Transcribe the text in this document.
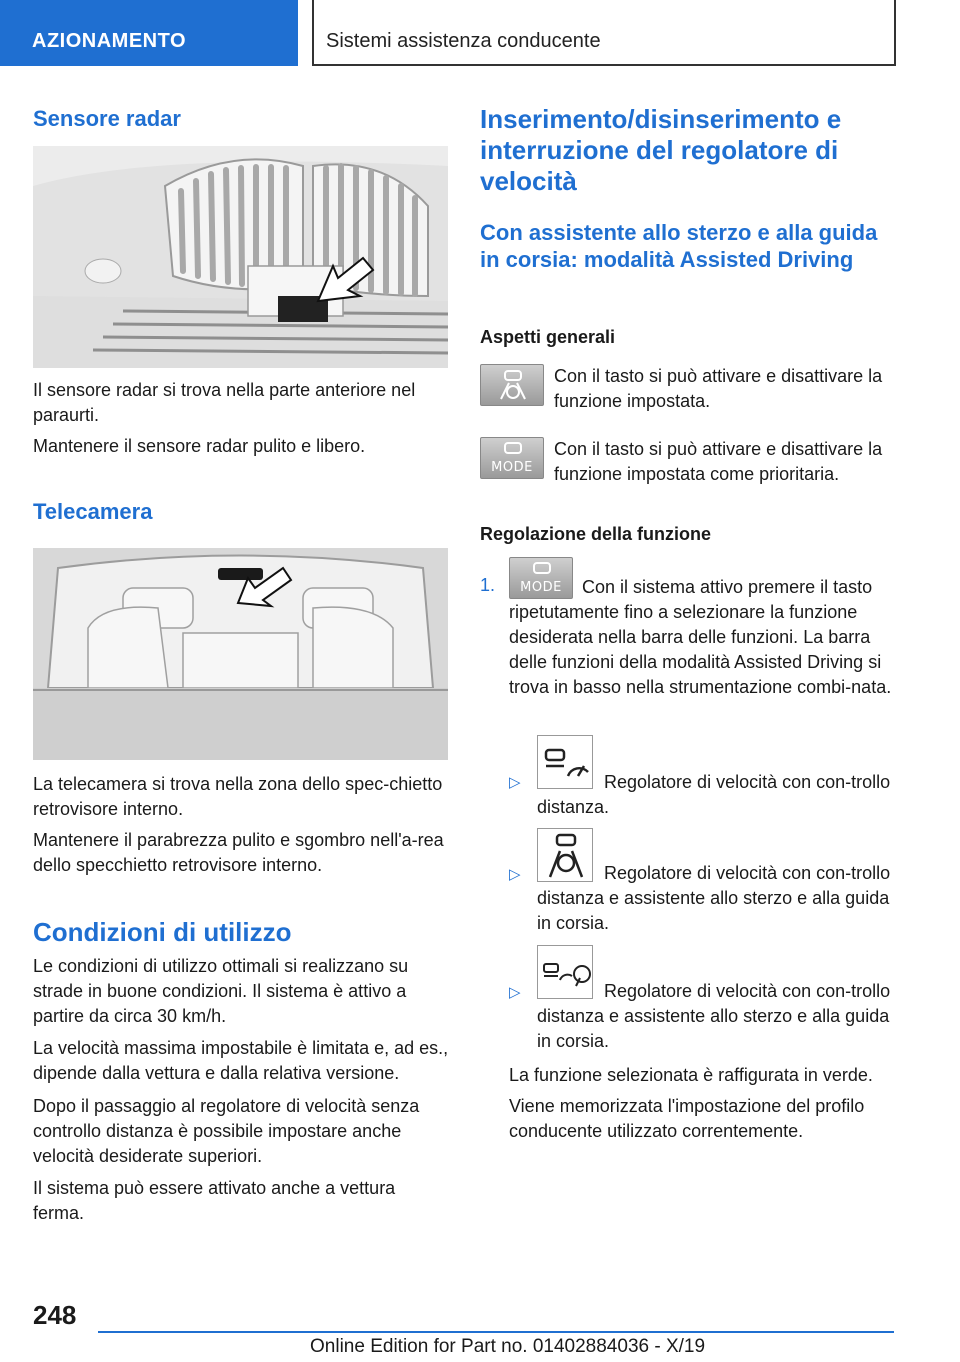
AZIONAMENTO	Sistemi assistenza conducente
Sensore radar
Il sensore radar si trova nella parte anteriore nel paraurti.
Mantenere il sensore radar pulito e libero.
Telecamera
La telecamera si trova nella zona dello spec‐chietto retrovisore interno.
Mantenere il parabrezza pulito e sgombro nell'a‐rea dello specchietto retrovisore interno.
Condizioni di utilizzo
Le condizioni di utilizzo ottimali si realizzano su strade in buone condizioni. Il sistema è attivo a partire da circa 30 km/h.
La velocità massima impostabile è limitata e, ad es., dipende dalla vettura e dalla relativa versione.
Dopo il passaggio al regolatore di velocità senza controllo distanza è possibile impostare anche velocità desiderate superiori.
Il sistema può essere attivato anche a vettura ferma.
Inserimento/disinserimento e interruzione del regolatore di velocità
Con assistente allo sterzo e alla guida in corsia: modalità Assisted Driving
Aspetti generali
Con il tasto si può attivare e disattivare la funzione impostata.
MODE
Con il tasto si può attivare e disattivare la funzione impostata come prioritaria.
Regolazione della funzione
1.	MODE	Con il sistema attivo premere il tasto ripetutamente fino a selezionare la funzione desiderata nella barra delle funzioni. La barra delle funzioni della modalità Assisted Driving si trova in basso nella strumentazione combi‐nata.
▷	Regolatore di velocità con con‐trollo distanza.
▷	Regolatore di velocità con con‐trollo distanza e assistente allo sterzo e alla guida in corsia.
▷	Regolatore di velocità con con‐trollo distanza e assistente allo sterzo e alla guida in corsia.
La funzione selezionata è raffigurata in verde.
Viene memorizzata l'impostazione del profilo conducente utilizzato correntemente.
248
Online Edition for Part no. 01402884036 - X/19
